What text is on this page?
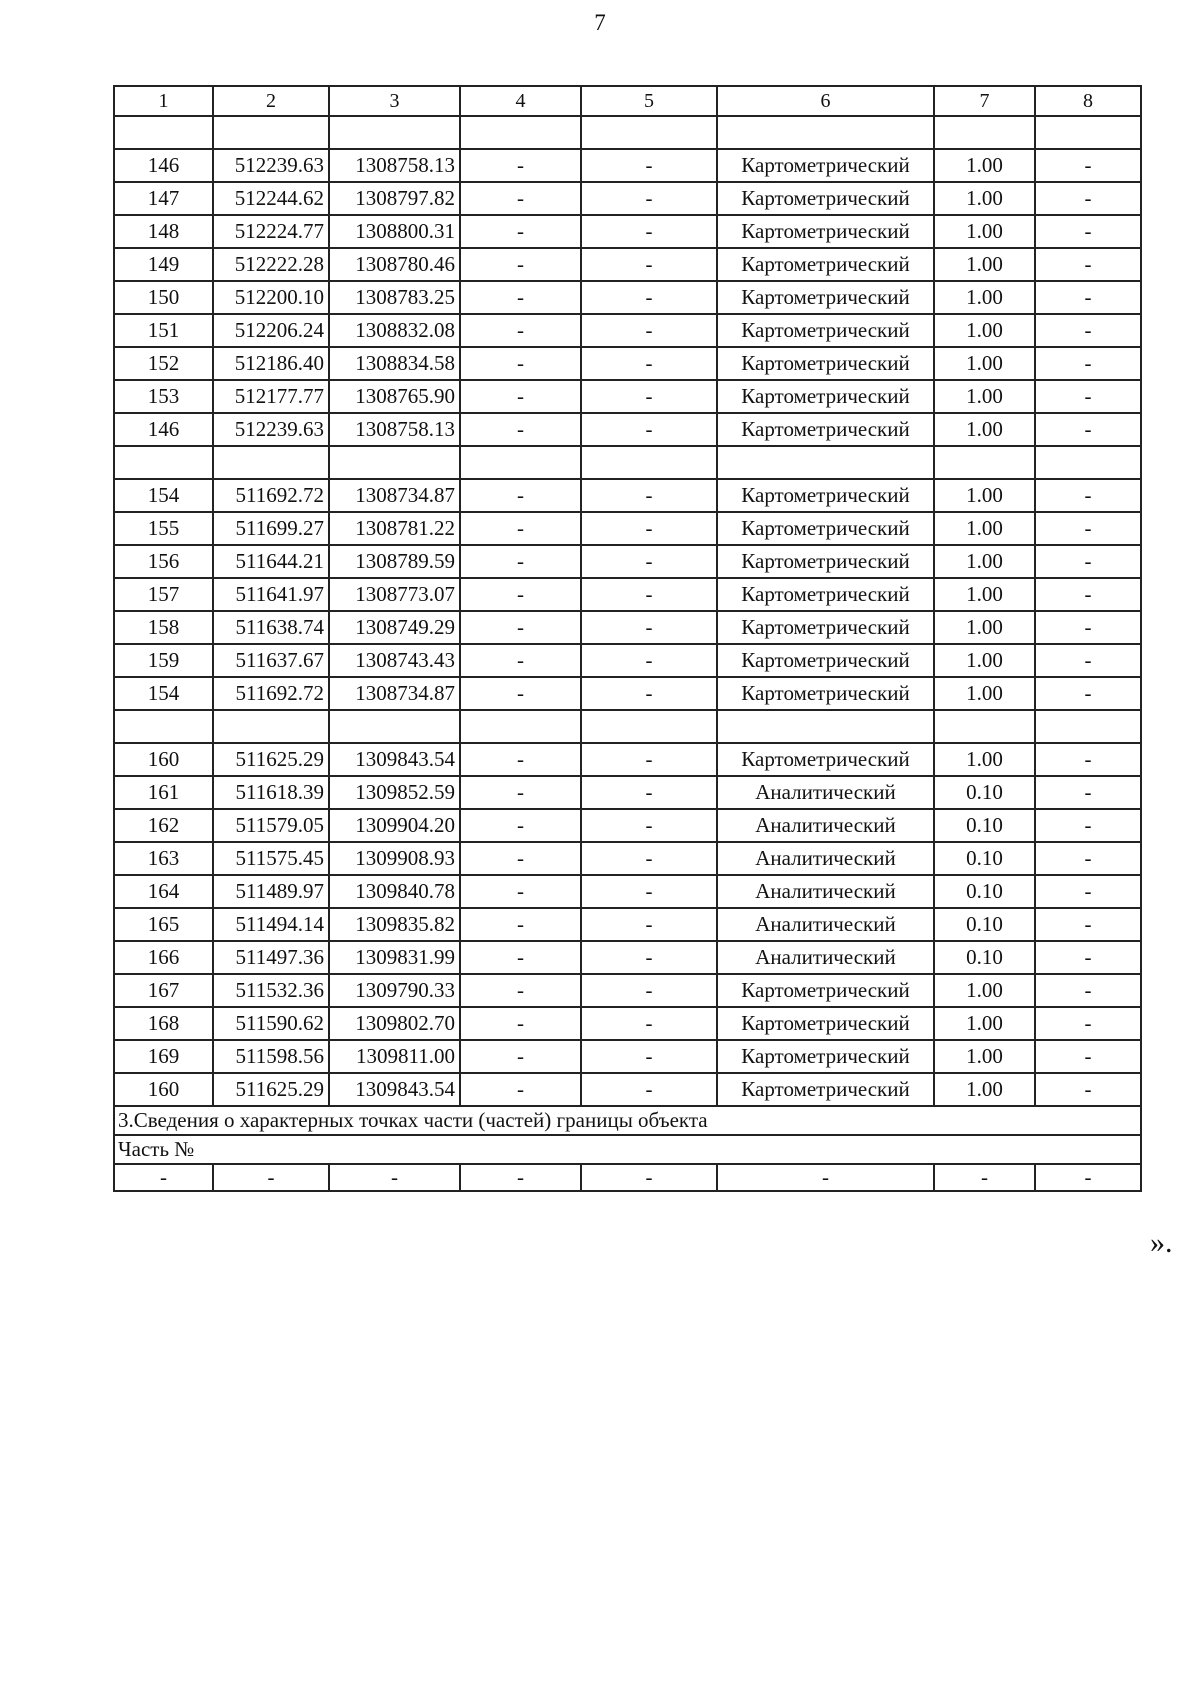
7
1	2	3	4	5	6	7	8

146	512239.63	1308758.13	-	-	Картометрический	1.00	-
147	512244.62	1308797.82	-	-	Картометрический	1.00	-
148	512224.77	1308800.31	-	-	Картометрический	1.00	-
149	512222.28	1308780.46	-	-	Картометрический	1.00	-
150	512200.10	1308783.25	-	-	Картометрический	1.00	-
151	512206.24	1308832.08	-	-	Картометрический	1.00	-
152	512186.40	1308834.58	-	-	Картометрический	1.00	-
153	512177.77	1308765.90	-	-	Картометрический	1.00	-
146	512239.63	1308758.13	-	-	Картометрический	1.00	-

154	511692.72	1308734.87	-	-	Картометрический	1.00	-
155	511699.27	1308781.22	-	-	Картометрический	1.00	-
156	511644.21	1308789.59	-	-	Картометрический	1.00	-
157	511641.97	1308773.07	-	-	Картометрический	1.00	-
158	511638.74	1308749.29	-	-	Картометрический	1.00	-
159	511637.67	1308743.43	-	-	Картометрический	1.00	-
154	511692.72	1308734.87	-	-	Картометрический	1.00	-

160	511625.29	1309843.54	-	-	Картометрический	1.00	-
161	511618.39	1309852.59	-	-	Аналитический	0.10	-
162	511579.05	1309904.20	-	-	Аналитический	0.10	-
163	511575.45	1309908.93	-	-	Аналитический	0.10	-
164	511489.97	1309840.78	-	-	Аналитический	0.10	-
165	511494.14	1309835.82	-	-	Аналитический	0.10	-
166	511497.36	1309831.99	-	-	Аналитический	0.10	-
167	511532.36	1309790.33	-	-	Картометрический	1.00	-
168	511590.62	1309802.70	-	-	Картометрический	1.00	-
169	511598.56	1309811.00	-	-	Картометрический	1.00	-
160	511625.29	1309843.54	-	-	Картометрический	1.00	-
3.Сведения о характерных точках части (частей) границы объекта							
Часть №							
-	-	-	-	-	-	-	-
».
